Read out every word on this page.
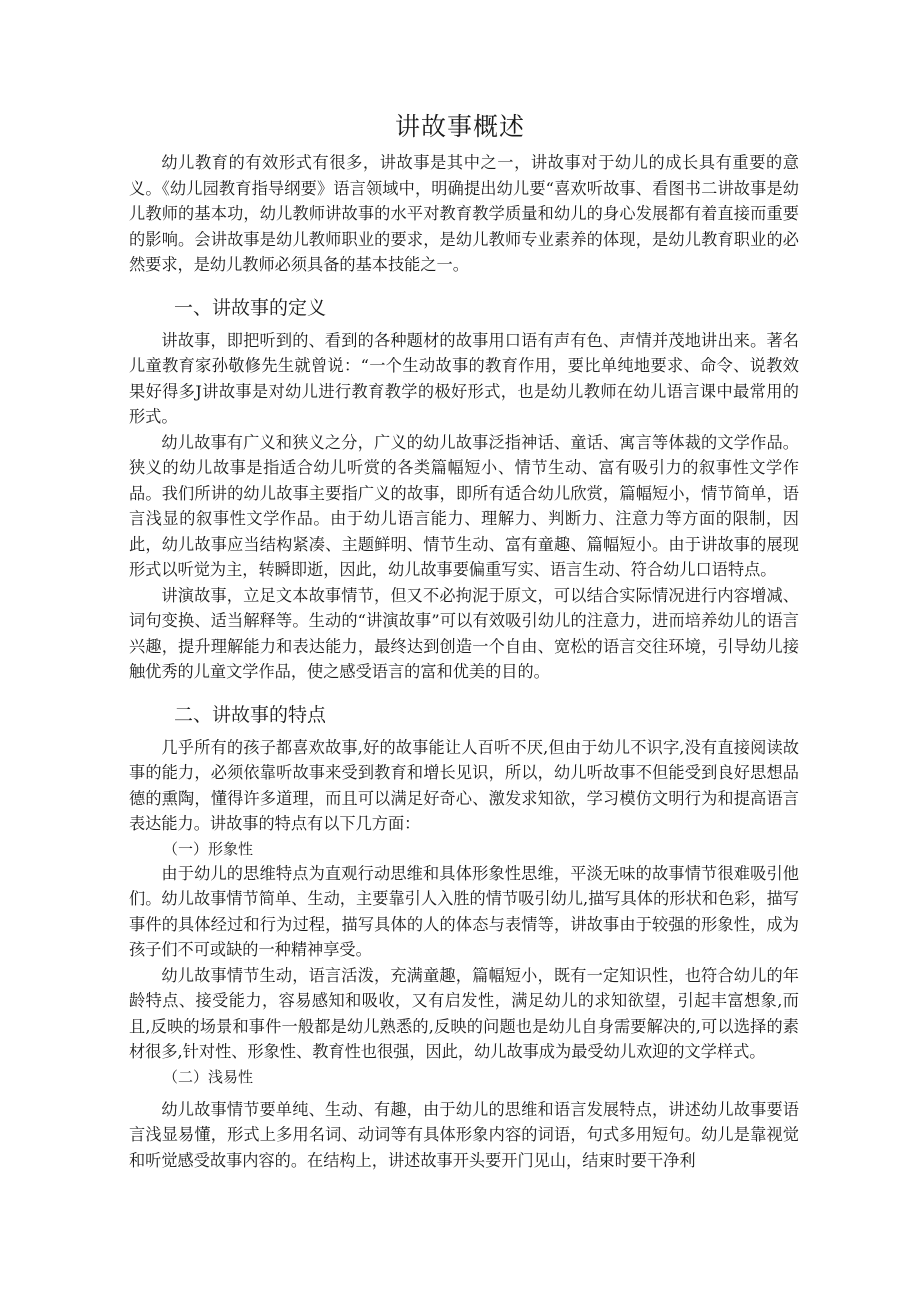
讲故事概述

幼儿教育的有效形式有很多，讲故事是其中之一，讲故事对于幼儿的成长具有重要的意义。《幼儿园教育指导纲要》语言领域中，明确提出幼儿要“喜欢听故事、看图书二讲故事是幼儿教师的基本功，幼儿教师讲故事的水平对教育教学质量和幼儿的身心发展都有着直接而重要的影响。会讲故事是幼儿教师职业的要求，是幼儿教师专业素养的体现，是幼儿教育职业的必然要求，是幼儿教师必须具备的基本技能之一。

一、讲故事的定义

讲故事，即把听到的、看到的各种题材的故事用口语有声有色、声情并茂地讲出来。著名儿童教育家孙敬修先生就曾说：“一个生动故事的教育作用，要比单纯地要求、命令、说教效果好得多J讲故事是对幼儿进行教育教学的极好形式，也是幼儿教师在幼儿语言课中最常用的形式。

幼儿故事有广义和狭义之分，广义的幼儿故事泛指神话、童话、寓言等体裁的文学作品。狭义的幼儿故事是指适合幼儿听赏的各类篇幅短小、情节生动、富有吸引力的叙事性文学作品。我们所讲的幼儿故事主要指广义的故事，即所有适合幼儿欣赏，篇幅短小，情节简单，语言浅显的叙事性文学作品。由于幼儿语言能力、理解力、判断力、注意力等方面的限制，因此，幼儿故事应当结构紧凑、主题鲜明、情节生动、富有童趣、篇幅短小。由于讲故事的展现形式以听觉为主，转瞬即逝，因此，幼儿故事要偏重写实、语言生动、符合幼儿口语特点。

讲演故事，立足文本故事情节，但又不必拘泥于原文，可以结合实际情况进行内容增减、词句变换、适当解释等。生动的“讲演故事”可以有效吸引幼儿的注意力，进而培养幼儿的语言兴趣，提升理解能力和表达能力，最终达到创造一个自由、宽松的语言交往环境，引导幼儿接触优秀的儿童文学作品，使之感受语言的富和优美的目的。

二、讲故事的特点

几乎所有的孩子都喜欢故事,好的故事能让人百听不厌,但由于幼儿不识字,没有直接阅读故事的能力，必须依靠听故事来受到教育和增长见识，所以，幼儿听故事不但能受到良好思想品德的熏陶，懂得许多道理，而且可以满足好奇心、激发求知欲，学习模仿文明行为和提高语言表达能力。讲故事的特点有以下几方面：

（一）形象性

由于幼儿的思维特点为直观行动思维和具体形象性思维，平淡无味的故事情节很难吸引他们。幼儿故事情节简单、生动，主要靠引人入胜的情节吸引幼儿,描写具体的形状和色彩，描写事件的具体经过和行为过程，描写具体的人的体态与表情等，讲故事由于较强的形象性，成为孩子们不可或缺的一种精神享受。

幼儿故事情节生动，语言活泼，充满童趣，篇幅短小，既有一定知识性，也符合幼儿的年龄特点、接受能力，容易感知和吸收，又有启发性，满足幼儿的求知欲望，引起丰富想象,而且,反映的场景和事件一般都是幼儿熟悉的,反映的问题也是幼儿自身需要解决的,可以选择的素材很多,针对性、形象性、教育性也很强，因此，幼儿故事成为最受幼儿欢迎的文学样式。

（二）浅易性

幼儿故事情节要单纯、生动、有趣，由于幼儿的思维和语言发展特点，讲述幼儿故事要语言浅显易懂，形式上多用名词、动词等有具体形象内容的词语，句式多用短句。幼儿是靠视觉和听觉感受故事内容的。在结构上，讲述故事开头要开门见山，结束时要干净利
